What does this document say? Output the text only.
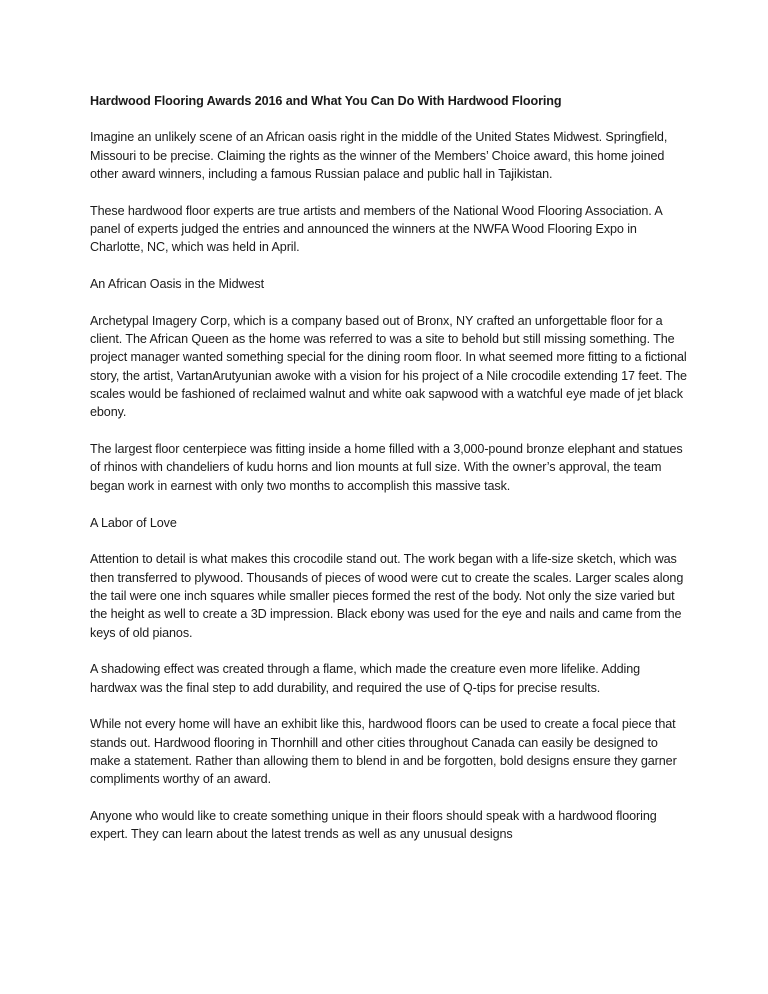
Hardwood Flooring Awards 2016 and What You Can Do With Hardwood Flooring

Imagine an unlikely scene of an African oasis right in the middle of the United States Midwest. Springfield, Missouri to be precise. Claiming the rights as the winner of the Members’ Choice award, this home joined other award winners, including a famous Russian palace and public hall in Tajikistan.

These hardwood floor experts are true artists and members of the National Wood Flooring Association. A panel of experts judged the entries and announced the winners at the NWFA Wood Flooring Expo in Charlotte, NC, which was held in April.

An African Oasis in the Midwest

Archetypal Imagery Corp, which is a company based out of Bronx, NY crafted an unforgettable floor for a client. The African Queen as the home was referred to was a site to behold but still missing something. The project manager wanted something special for the dining room floor. In what seemed more fitting to a fictional story, the artist, VartanArutyunian awoke with a vision for his project of a Nile crocodile extending 17 feet. The scales would be fashioned of reclaimed walnut and white oak sapwood with a watchful eye made of jet black ebony.

The largest floor centerpiece was fitting inside a home filled with a 3,000-pound bronze elephant and statues of rhinos with chandeliers of kudu horns and lion mounts at full size. With the owner’s approval, the team began work in earnest with only two months to accomplish this massive task.

A Labor of Love

Attention to detail is what makes this crocodile stand out. The work began with a life-size sketch, which was then transferred to plywood. Thousands of pieces of wood were cut to create the scales. Larger scales along the tail were one inch squares while smaller pieces formed the rest of the body. Not only the size varied but the height as well to create a 3D impression. Black ebony was used for the eye and nails and came from the keys of old pianos.

A shadowing effect was created through a flame, which made the creature even more lifelike. Adding hardwax was the final step to add durability, and required the use of Q-tips for precise results.

While not every home will have an exhibit like this, hardwood floors can be used to create a focal piece that stands out. Hardwood flooring in Thornhill and other cities throughout Canada can easily be designed to make a statement. Rather than allowing them to blend in and be forgotten, bold designs ensure they garner compliments worthy of an award.

Anyone who would like to create something unique in their floors should speak with a hardwood flooring expert. They can learn about the latest trends as well as any unusual designs
